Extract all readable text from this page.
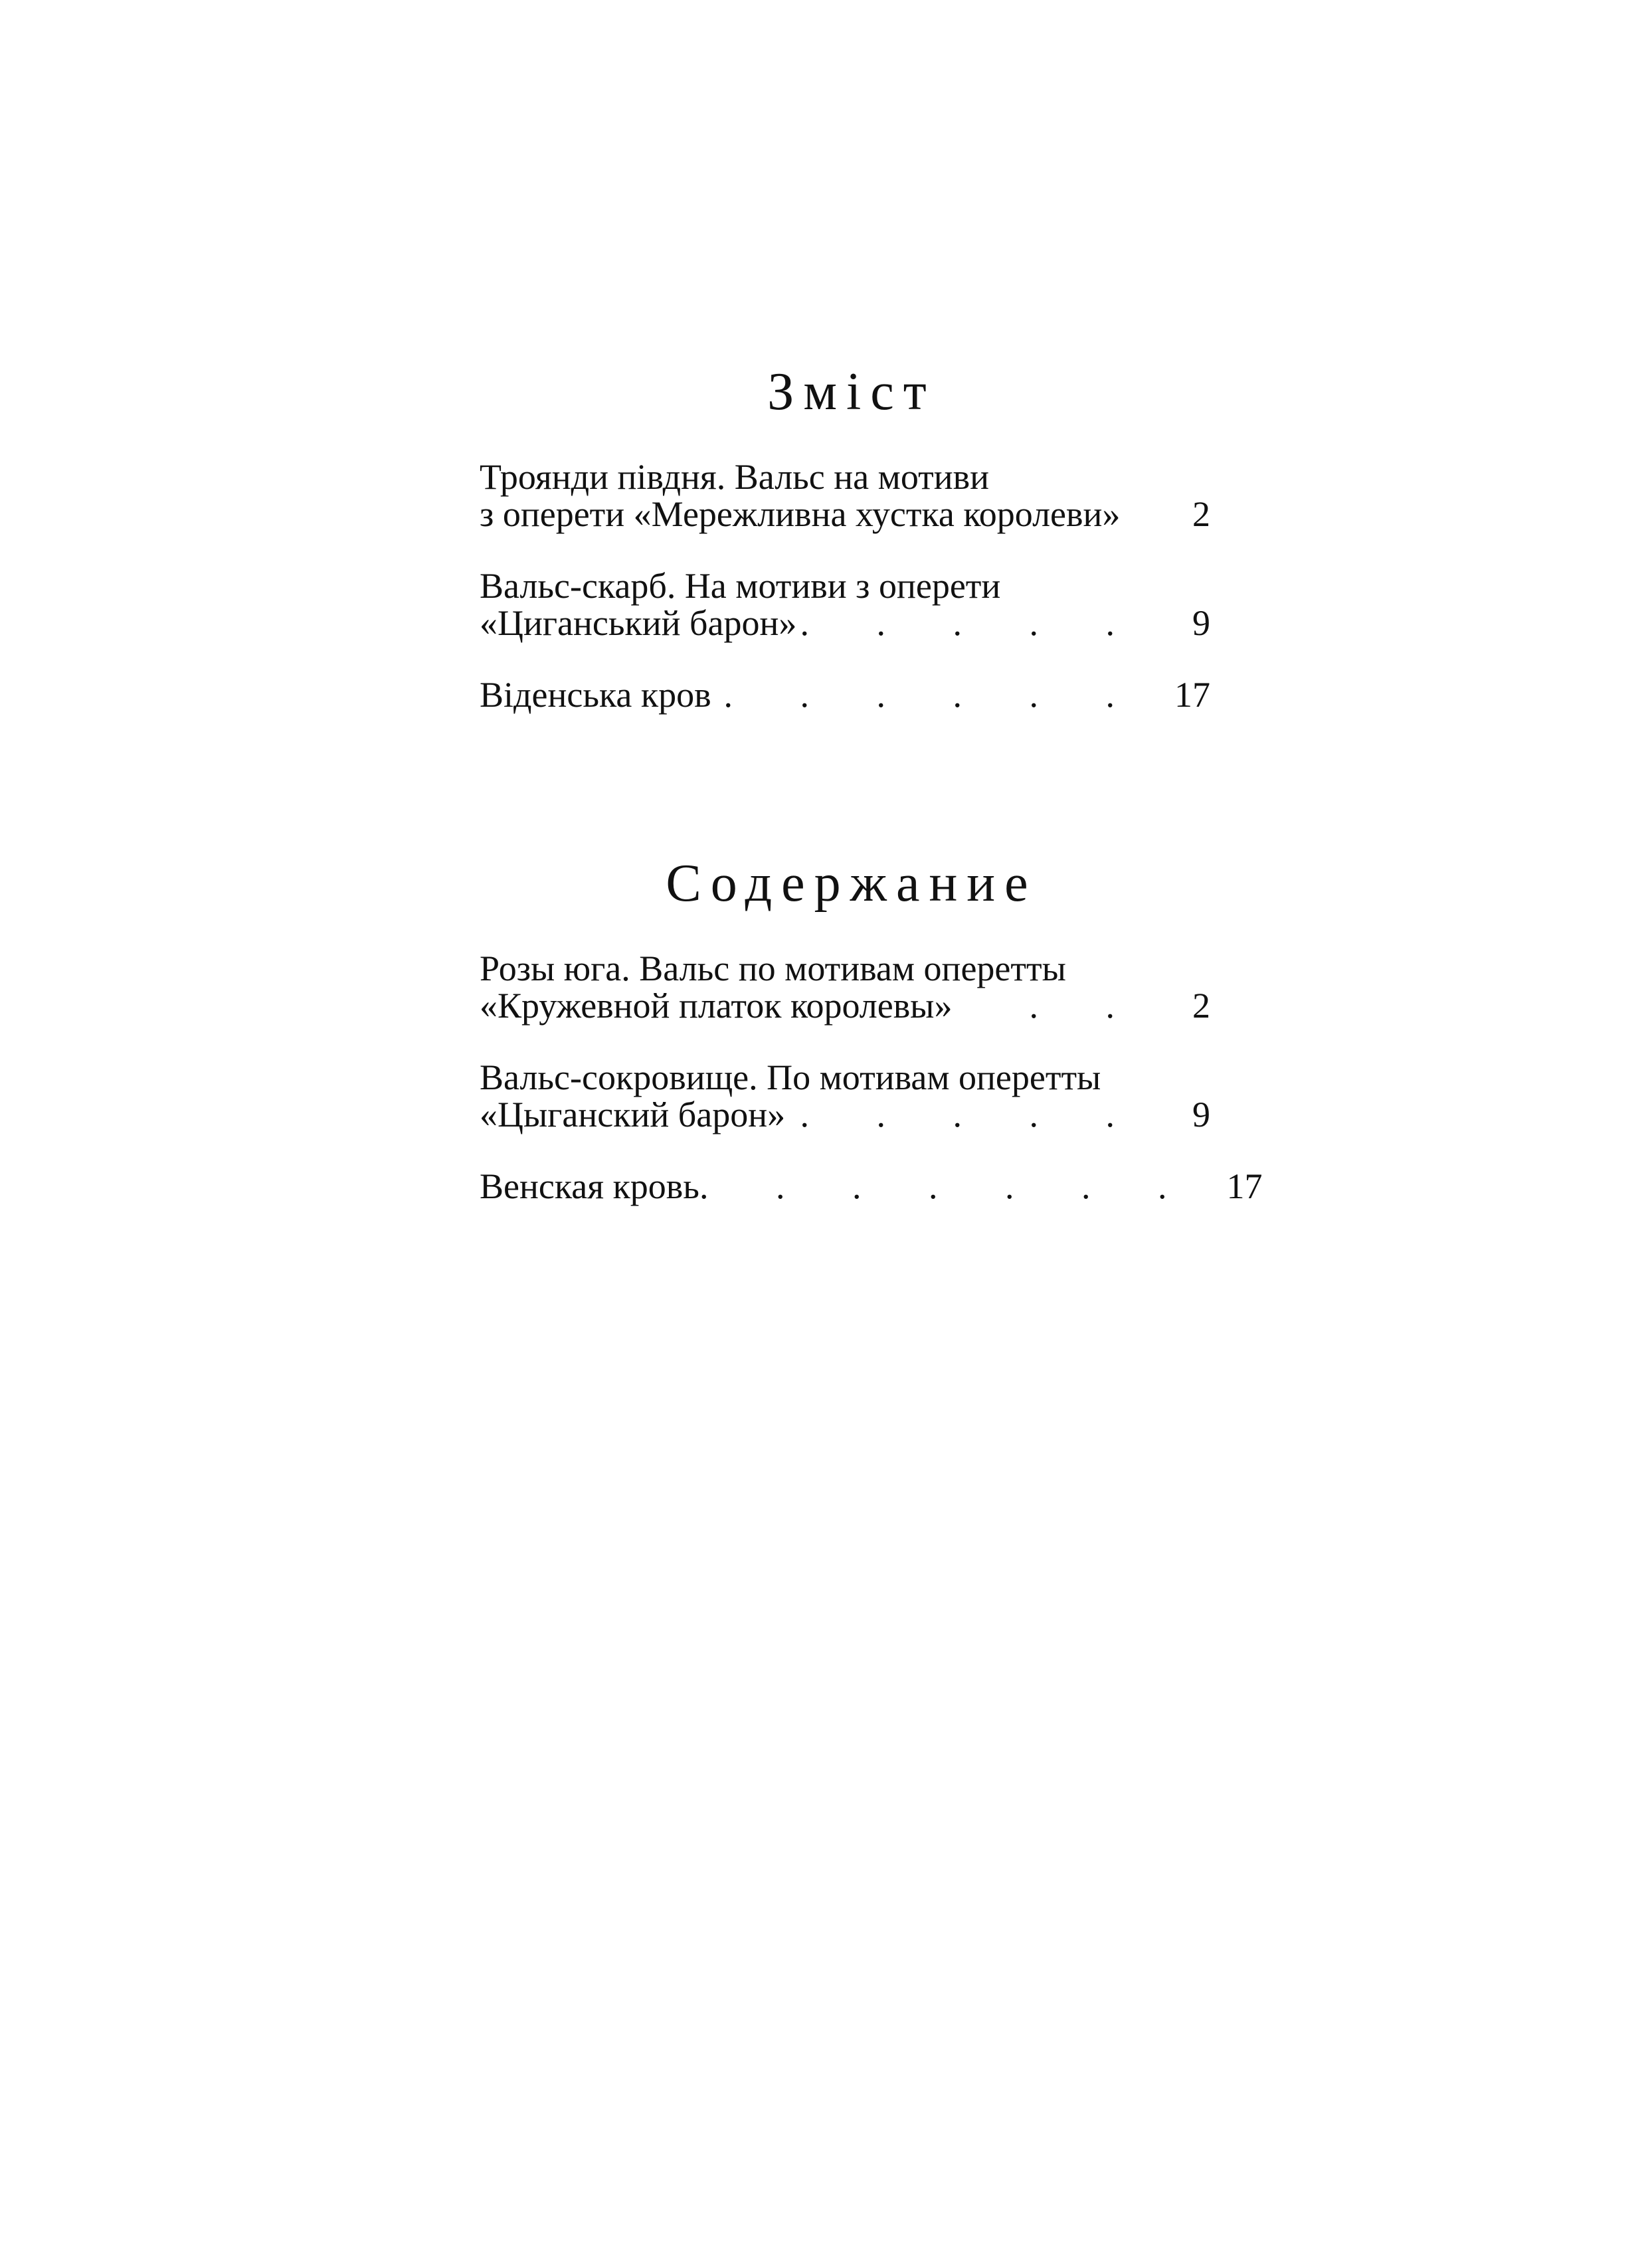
Зміст
Троянди півдня. Вальс на мотиви
з оперети «Мережливна хустка королеви»	2
Вальс-скарб. На мотиви з оперети
«Циганський барон» . . . . .	9
Віденська кров . . . . . . 17
Содержание
Розы юга. Вальс по мотивам оперетты
«Кружевной платок королевы»	. .	2
Вальс-сокровище. По мотивам оперетты
«Цыганский барон» . . . . .	9
Венская кровь . . . . . . . 17
